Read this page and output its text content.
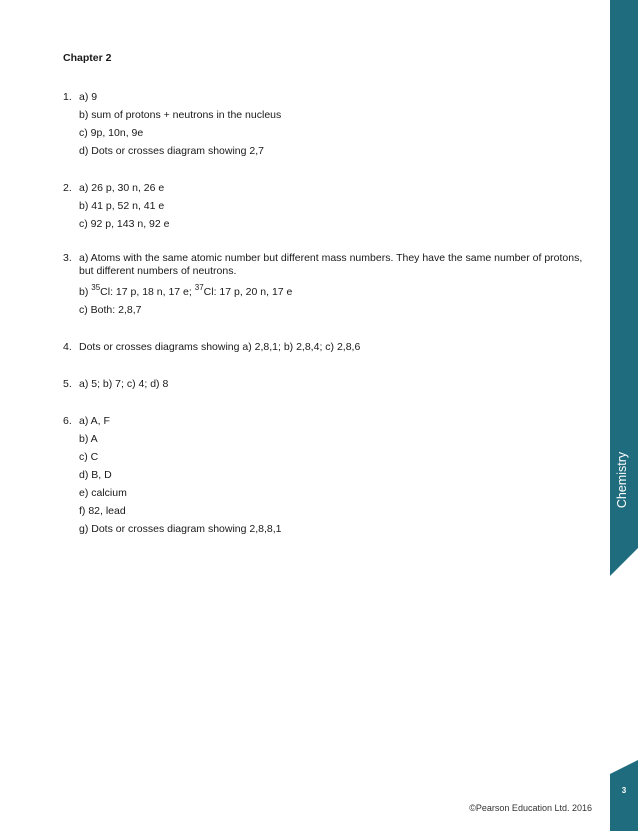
Chapter 2
1. a) 9
b) sum of protons + neutrons in the nucleus
c) 9p, 10n, 9e
d) Dots or crosses diagram showing 2,7
2. a) 26 p, 30 n, 26 e
b) 41 p, 52 n, 41 e
c) 92 p, 143 n, 92 e
3. a) Atoms with the same atomic number but different mass numbers. They have the same number of protons, but different numbers of neutrons.
b) $^{35}$Cl: 17 p, 18 n, 17 e; $^{37}$Cl: 17 p, 20 n, 17 e
c) Both: 2,8,7
4. Dots or crosses diagrams showing a) 2,8,1; b) 2,8,4; c) 2,8,6
5. a) 5; b) 7; c) 4; d) 8
6. a) A, F
b) A
c) C
d) B, D
e) calcium
f) 82, lead
g) Dots or crosses diagram showing 2,8,8,1
Chemistry
3
©Pearson Education Ltd. 2016
